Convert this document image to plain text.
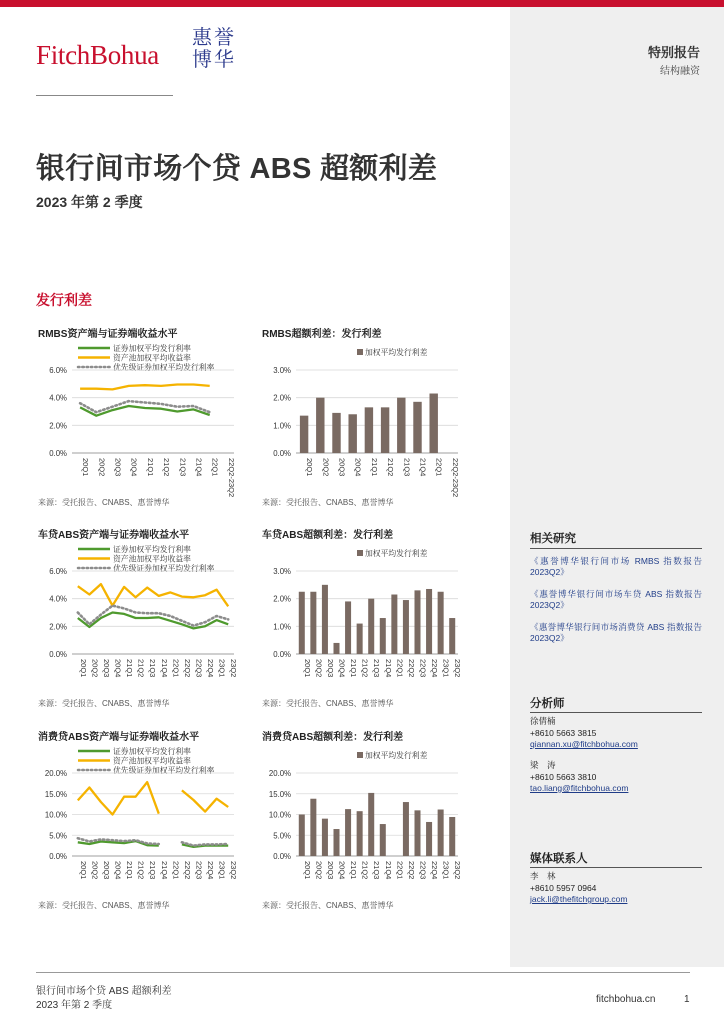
FitchBohua
惠誉
博华	特别报告
结构融资
银行间市场个贷 ABS 超额利差
2023 年第 2 季度
发行利差
RMBS资产端与证券端收益水平
证券加权平均发行利率
资产池加权平均收益率
优先级证券加权平均发行利率
0.0%
2.0%
4.0%
6.0%
20Q1 20Q2 20Q3 20Q4 21Q1 21Q2 21Q3 21Q4 22Q1 22Q2-23Q2
来源：受托报告、CNABS、惠誉博华
RMBS超额利差：发行利差
加权平均发行利差
0.0%
1.0%
2.0%
3.0%
20Q1 20Q2 20Q3 20Q4 21Q1 21Q2 21Q3 21Q4 22Q1 22Q2-23Q2
来源：受托报告、CNABS、惠誉博华
车贷ABS资产端与证券端收益水平
证券加权平均发行利率
资产池加权平均收益率
优先级证券加权平均发行利率
0.0%
2.0%
4.0%
6.0%
20Q1 20Q2 20Q3 20Q4 21Q1 21Q2 21Q3 21Q4 22Q1 22Q2 22Q3 22Q4 23Q1 23Q2
来源：受托报告、CNABS、惠誉博华
车贷ABS超额利差：发行利差
加权平均发行利差
0.0%
1.0%
2.0%
3.0%
20Q1 20Q2 20Q3 20Q4 21Q1 21Q2 21Q3 21Q4 22Q1 22Q2 22Q3 22Q4 23Q1 23Q2
来源：受托报告、CNABS、惠誉博华
消费贷ABS资产端与证券端收益水平
证券加权平均发行利率
资产池加权平均收益率
优先级证券加权平均发行利率
0.0%
5.0%
10.0%
15.0%
20.0%
20Q1 20Q2 20Q3 20Q4 21Q1 21Q2 21Q3 21Q4 22Q1 22Q2 22Q3 22Q4 23Q1 23Q2
来源：受托报告、CNABS、惠誉博华
消费贷ABS超额利差：发行利差
加权平均发行利差
0.0%
5.0%
10.0%
15.0%
20.0%
20Q1 20Q2 20Q3 20Q4 21Q1 21Q2 21Q3 21Q4 22Q1 22Q2 22Q3 22Q4 23Q1 23Q2
来源：受托报告、CNABS、惠誉博华
相关研究
《惠誉博华银行间市场 RMBS 指数报告 2023Q2》
《惠誉博华银行间市场车贷 ABS 指数报告 2023Q2》
《惠誉博华银行间市场消费贷 ABS 指数报告 2023Q2》
分析师
徐倩楠
+8610 5663 3815
qiannan.xu@fitchbohua.com
梁　涛
+8610 5663 3810
tao.liang@fitchbohua.com
媒体联系人
李　林
+8610 5957 0964
jack.li@thefitchgroup.com
银行间市场个贷 ABS 超额利差
2023 年第 2 季度
fitchbohua.cn	1
